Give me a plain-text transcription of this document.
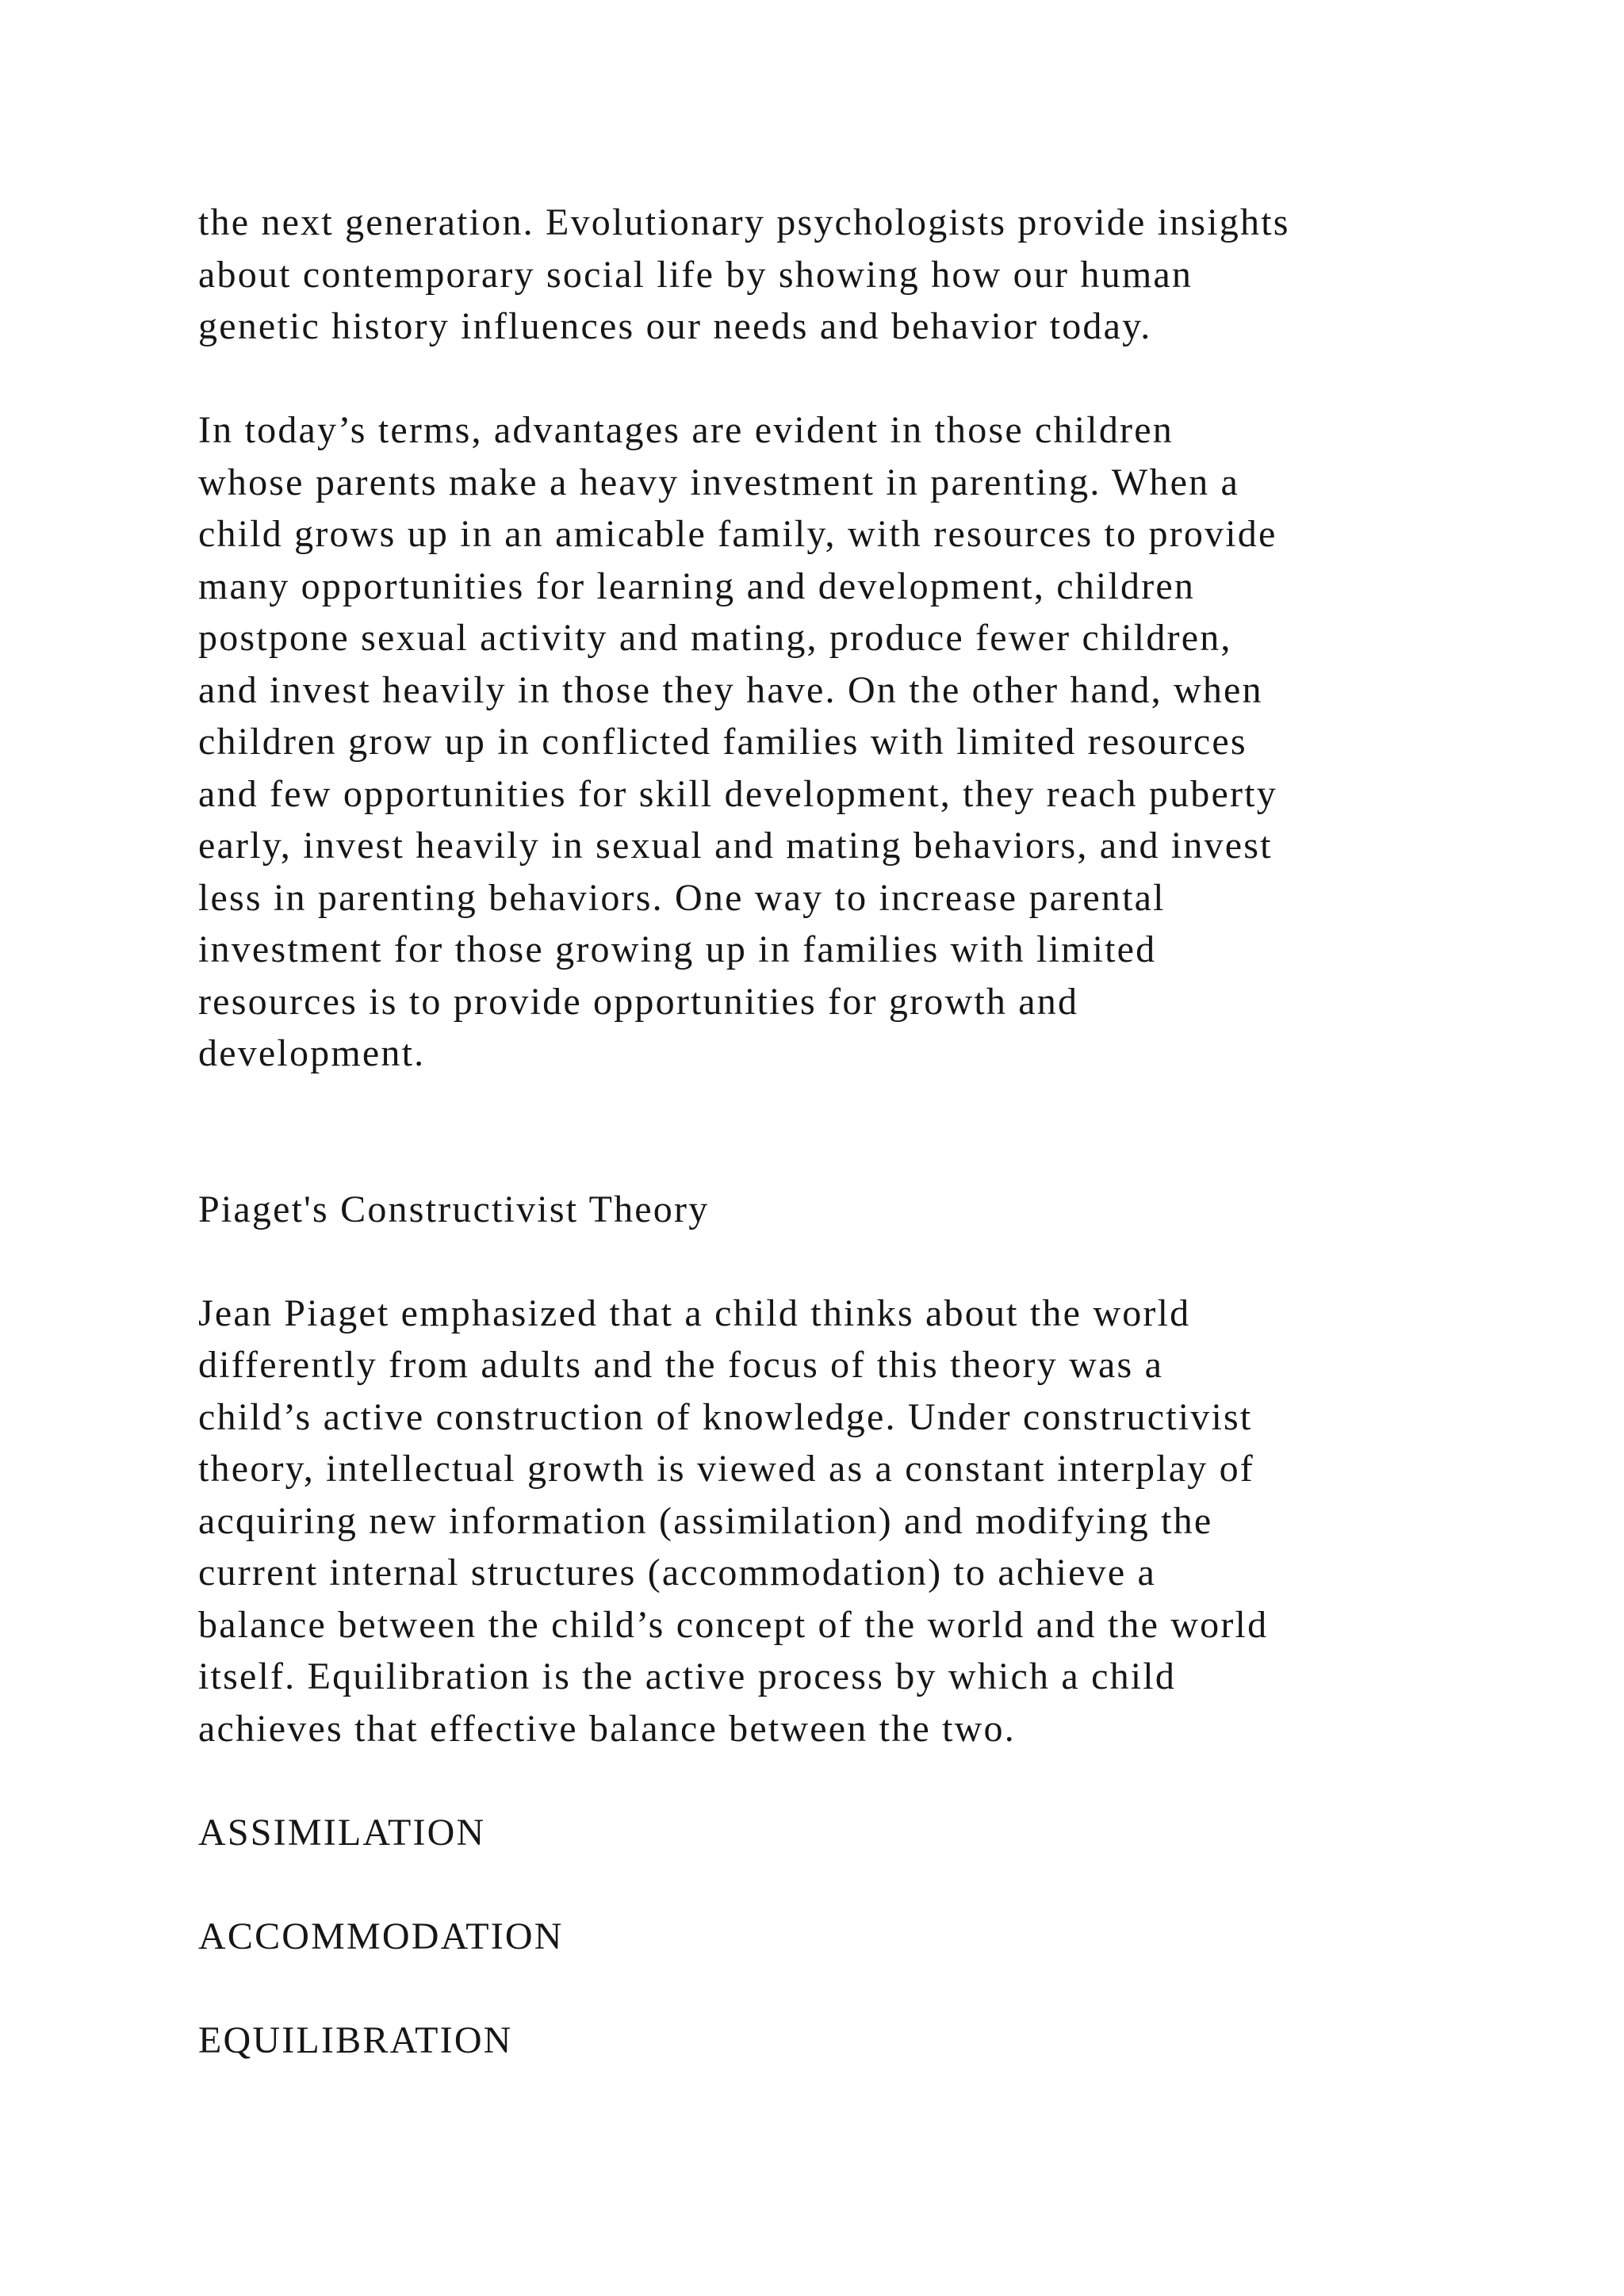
the next generation. Evolutionary psychologists provide insights
about contemporary social life by showing how our human
genetic history influences our needs and behavior today.
In today’s terms, advantages are evident in those children
whose parents make a heavy investment in parenting. When a
child grows up in an amicable family, with resources to provide
many opportunities for learning and development, children
postpone sexual activity and mating, produce fewer children,
and invest heavily in those they have. On the other hand, when
children grow up in conflicted families with limited resources
and few opportunities for skill development, they reach puberty
early, invest heavily in sexual and mating behaviors, and invest
less in parenting behaviors. One way to increase parental
investment for those growing up in families with limited
resources is to provide opportunities for growth and
development.
Piaget's Constructivist Theory
Jean Piaget emphasized that a child thinks about the world
differently from adults and the focus of this theory was a
child’s active construction of knowledge. Under constructivist
theory, intellectual growth is viewed as a constant interplay of
acquiring new information (assimilation) and modifying the
current internal structures (accommodation) to achieve a
balance between the child’s concept of the world and the world
itself. Equilibration is the active process by which a child
achieves that effective balance between the two.
ASSIMILATION
ACCOMMODATION
EQUILIBRATION
